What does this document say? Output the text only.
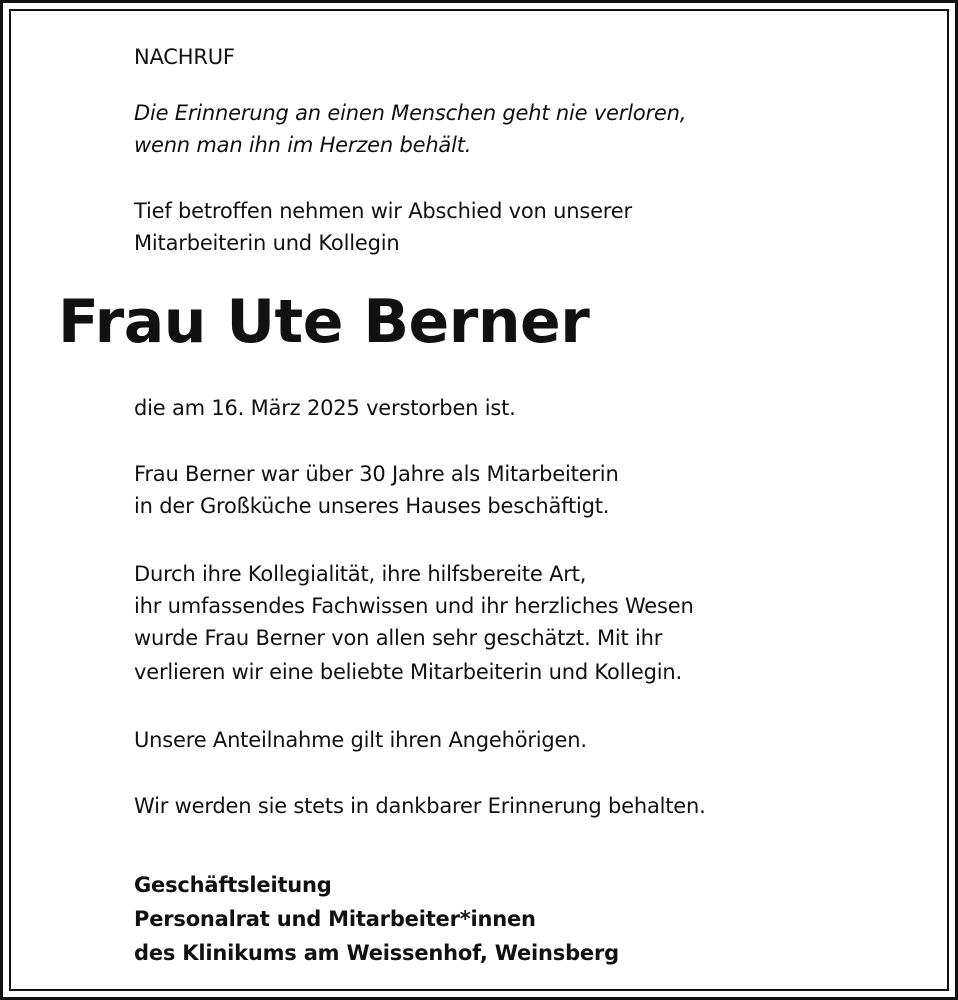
NACHRUF
Die Erinnerung an einen Menschen geht nie verloren,
wenn man ihn im Herzen behält.
Tief betroffen nehmen wir Abschied von unserer
Mitarbeiterin und Kollegin
Frau Ute Berner
die am 16. März 2025 verstorben ist.
Frau Berner war über 30 Jahre als Mitarbeiterin
in der Großküche unseres Hauses beschäftigt.
Durch ihre Kollegialität, ihre hilfsbereite Art,
ihr umfassendes Fachwissen und ihr herzliches Wesen
wurde Frau Berner von allen sehr geschätzt. Mit ihr
verlieren wir eine beliebte Mitarbeiterin und Kollegin.
Unsere Anteilnahme gilt ihren Angehörigen.
Wir werden sie stets in dankbarer Erinnerung behalten.
Geschäftsleitung
Personalrat und Mitarbeiter*innen
des Klinikums am Weissenhof, Weinsberg
